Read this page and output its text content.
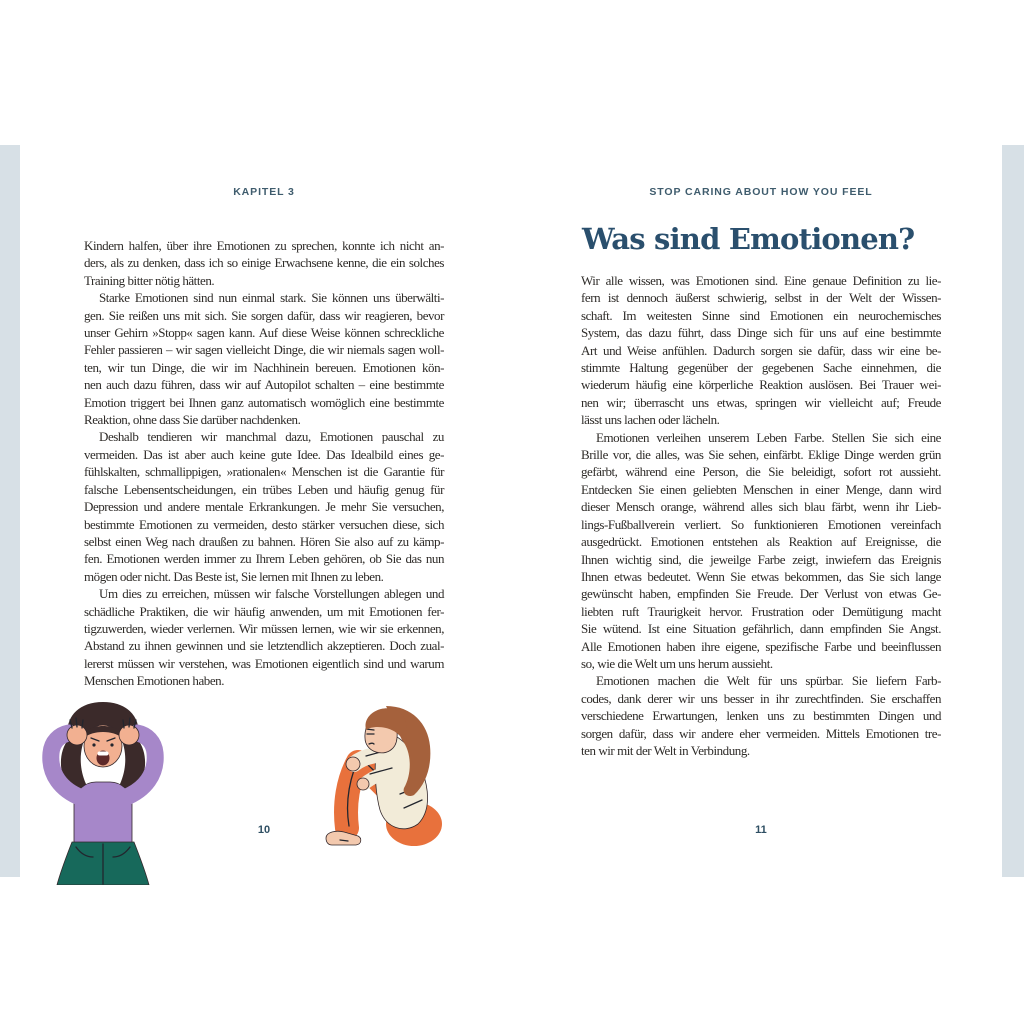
KAPITEL 3	STOP CARING ABOUT HOW YOU FEEL
Was sind Emotionen?
Kindern halfen, über ihre Emotionen zu sprechen, konnte ich nicht an-
ders, als zu denken, dass ich so einige Erwachsene kenne, die ein solches
Training bitter nötig hätten.
Starke Emotionen sind nun einmal stark. Sie können uns überwälti-
gen. Sie reißen uns mit sich. Sie sorgen dafür, dass wir reagieren, bevor
unser Gehirn »Stopp« sagen kann. Auf diese Weise können schreckliche
Fehler passieren – wir sagen vielleicht Dinge, die wir niemals sagen woll-
ten, wir tun Dinge, die wir im Nachhinein bereuen. Emotionen kön-
nen auch dazu führen, dass wir auf Autopilot schalten – eine bestimmte
Emotion triggert bei Ihnen ganz automatisch womöglich eine bestimmte
Reaktion, ohne dass Sie darüber nachdenken.
Deshalb tendieren wir manchmal dazu, Emotionen pauschal zu
vermeiden. Das ist aber auch keine gute Idee. Das Idealbild eines ge-
fühlskalten, schmallippigen, »rationalen« Menschen ist die Garantie für
falsche Lebensentscheidungen, ein trübes Leben und häufig genug für
Depression und andere mentale Erkrankungen. Je mehr Sie versuchen,
bestimmte Emotionen zu vermeiden, desto stärker versuchen diese, sich
selbst einen Weg nach draußen zu bahnen. Hören Sie also auf zu kämp-
fen. Emotionen werden immer zu Ihrem Leben gehören, ob Sie das nun
mögen oder nicht. Das Beste ist, Sie lernen mit Ihnen zu leben.
Um dies zu erreichen, müssen wir falsche Vorstellungen ablegen und
schädliche Praktiken, die wir häufig anwenden, um mit Emotionen fer-
tigzuwerden, wieder verlernen. Wir müssen lernen, wie wir sie erkennen,
Abstand zu ihnen gewinnen und sie letztendlich akzeptieren. Doch zual-
lererst müssen wir verstehen, was Emotionen eigentlich sind und warum
Menschen Emotionen haben.
Wir alle wissen, was Emotionen sind. Eine genaue Definition zu lie-
fern ist dennoch äußerst schwierig, selbst in der Welt der Wissen-
schaft. Im weitesten Sinne sind Emotionen ein neurochemisches
System, das dazu führt, dass Dinge sich für uns auf eine bestimmte
Art und Weise anfühlen. Dadurch sorgen sie dafür, dass wir eine be-
stimmte Haltung gegenüber der gegebenen Sache einnehmen, die
wiederum häufig eine körperliche Reaktion auslösen. Bei Trauer wei-
nen wir; überrascht uns etwas, springen wir vielleicht auf; Freude
lässt uns lachen oder lächeln.
Emotionen verleihen unserem Leben Farbe. Stellen Sie sich eine
Brille vor, die alles, was Sie sehen, einfärbt. Eklige Dinge werden grün
gefärbt, während eine Person, die Sie beleidigt, sofort rot aussieht.
Entdecken Sie einen geliebten Menschen in einer Menge, dann wird
dieser Mensch orange, während alles sich blau färbt, wenn ihr Lieb-
lings-Fußballverein verliert. So funktionieren Emotionen vereinfach
ausgedrückt. Emotionen entstehen als Reaktion auf Ereignisse, die
Ihnen wichtig sind, die jeweilge Farbe zeigt, inwiefern das Ereignis
Ihnen etwas bedeutet. Wenn Sie etwas bekommen, das Sie sich lange
gewünscht haben, empfinden Sie Freude. Der Verlust von etwas Ge-
liebten ruft Traurigkeit hervor. Frustration oder Demütigung macht
Sie wütend. Ist eine Situation gefährlich, dann empfinden Sie Angst.
Alle Emotionen haben ihre eigene, spezifische Farbe und beeinflussen
so, wie die Welt um uns herum aussieht.
Emotionen machen die Welt für uns spürbar. Sie liefern Farb-
codes, dank derer wir uns besser in ihr zurechtfinden. Sie erschaffen
verschiedene Erwartungen, lenken uns zu bestimmten Dingen und
sorgen dafür, dass wir andere eher vermeiden. Mittels Emotionen tre-
ten wir mit der Welt in Verbindung.
10	11
